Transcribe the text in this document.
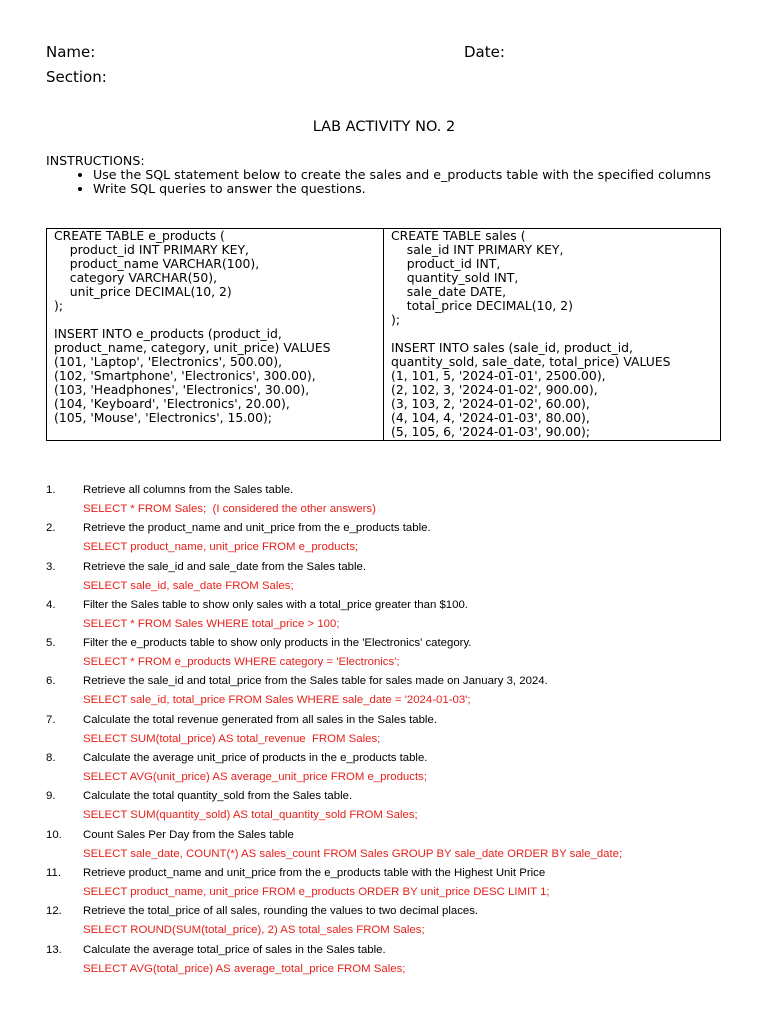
Name:	Date:
Section:
LAB ACTIVITY NO. 2
INSTRUCTIONS:
• Use the SQL statement below to create the sales and e_products table with the specified columns
• Write SQL queries to answer the questions.
CREATE TABLE e_products (
product_id INT PRIMARY KEY,
product_name VARCHAR(100),
category VARCHAR(50),
unit_price DECIMAL(10, 2)
);
INSERT INTO e_products (product_id,
product_name, category, unit_price) VALUES
(101, 'Laptop', 'Electronics', 500.00),
(102, 'Smartphone', 'Electronics', 300.00),
(103, 'Headphones', 'Electronics', 30.00),
(104, 'Keyboard', 'Electronics', 20.00),
(105, 'Mouse', 'Electronics', 15.00);

CREATE TABLE sales (
sale_id INT PRIMARY KEY,
product_id INT,
quantity_sold INT,
sale_date DATE,
total_price DECIMAL(10, 2)
);
INSERT INTO sales (sale_id, product_id,
quantity_sold, sale_date, total_price) VALUES
(1, 101, 5, '2024-01-01', 2500.00),
(2, 102, 3, '2024-01-02', 900.00),
(3, 103, 2, '2024-01-02', 60.00),
(4, 104, 4, '2024-01-03', 80.00),
(5, 105, 6, '2024-01-03', 90.00);
1.	Retrieve all columns from the Sales table.
SELECT * FROM Sales;  (I considered the other answers)
2.	Retrieve the product_name and unit_price from the e_products table.
SELECT product_name, unit_price FROM e_products;
3.	Retrieve the sale_id and sale_date from the Sales table.
SELECT sale_id, sale_date FROM Sales;
4.	Filter the Sales table to show only sales with a total_price greater than $100.
SELECT * FROM Sales WHERE total_price > 100;
5.	Filter the e_products table to show only products in the 'Electronics' category.
SELECT * FROM e_products WHERE category = 'Electronics';
6.	Retrieve the sale_id and total_price from the Sales table for sales made on January 3, 2024.
SELECT sale_id, total_price FROM Sales WHERE sale_date = '2024-01-03';
7.	Calculate the total revenue generated from all sales in the Sales table.
SELECT SUM(total_price) AS total_revenue  FROM Sales;
8.	Calculate the average unit_price of products in the e_products table.
SELECT AVG(unit_price) AS average_unit_price FROM e_products;
9.	Calculate the total quantity_sold from the Sales table.
SELECT SUM(quantity_sold) AS total_quantity_sold FROM Sales;
10.	Count Sales Per Day from the Sales table
SELECT sale_date, COUNT(*) AS sales_count FROM Sales GROUP BY sale_date ORDER BY sale_date;
11.	Retrieve product_name and unit_price from the e_products table with the Highest Unit Price
SELECT product_name, unit_price FROM e_products ORDER BY unit_price DESC LIMIT 1;
12.	Retrieve the total_price of all sales, rounding the values to two decimal places.
SELECT ROUND(SUM(total_price), 2) AS total_sales FROM Sales;
13.	Calculate the average total_price of sales in the Sales table.
SELECT AVG(total_price) AS average_total_price FROM Sales;
